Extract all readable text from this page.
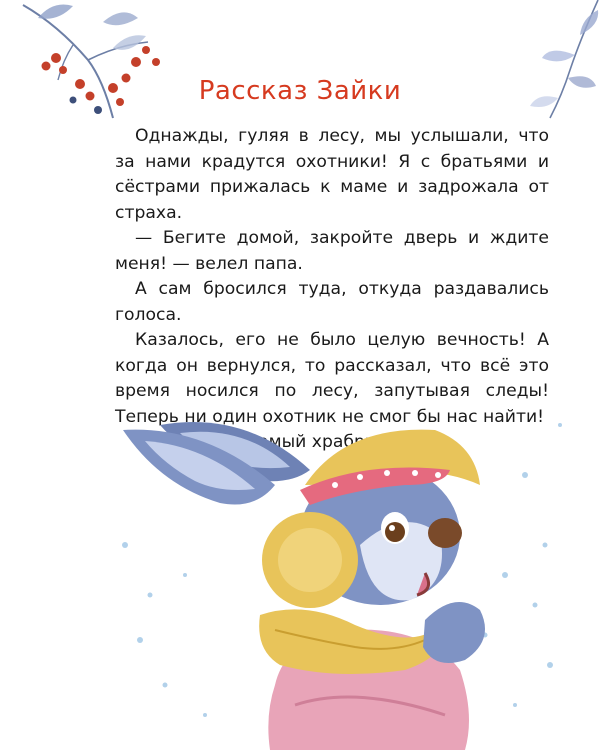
Рассказ Зайки

Однажды, гуляя в лесу, мы услышали, что за нами крадутся охотники! Я с братьями и сёстрами прижалась к маме и задрожала от страха.

— Бегите домой, закройте дверь и ждите меня! — велел папа.

А сам бросился туда, откуда раздавались голоса.

Казалось, его не было целую вечность! А когда он вернулся, то рассказал, что всё это время носился по лесу, запутывая следы! Теперь ни один охотник не смог бы нас найти!

самый храбрый!
